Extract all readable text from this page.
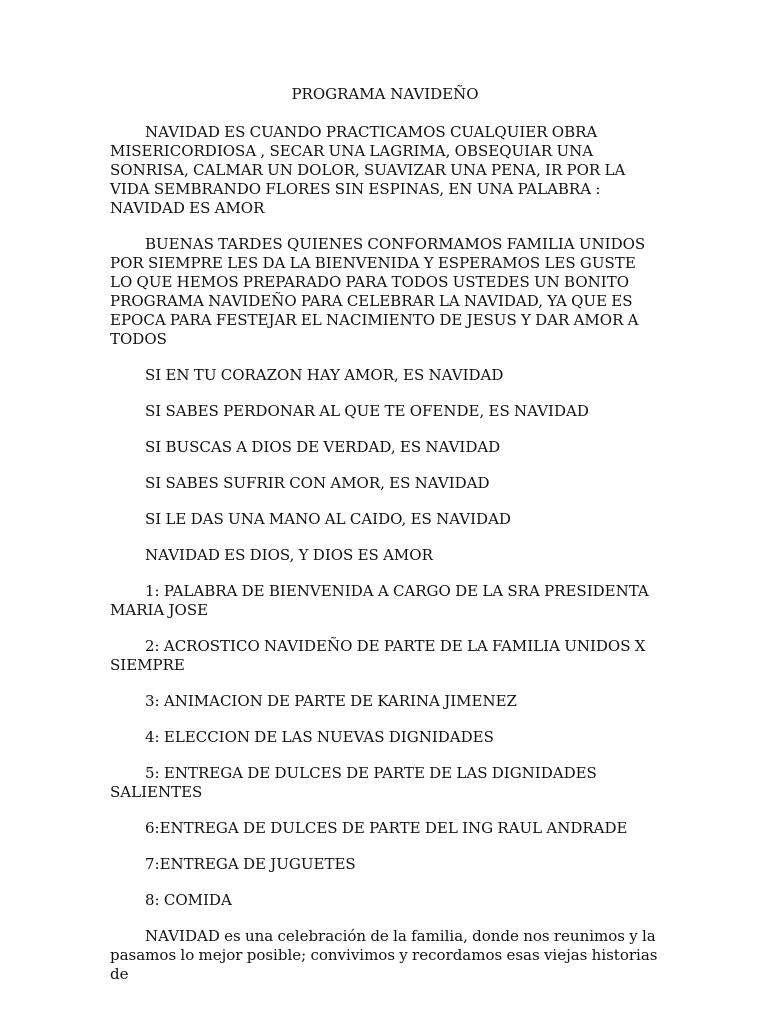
PROGRAMA NAVIDEÑO

NAVIDAD ES CUANDO PRACTICAMOS CUALQUIER OBRA MISERICORDIOSA , SECAR UNA LAGRIMA, OBSEQUIAR UNA SONRISA, CALMAR UN DOLOR, SUAVIZAR UNA PENA, IR POR LA VIDA SEMBRANDO FLORES SIN ESPINAS, EN UNA PALABRA : NAVIDAD ES AMOR

BUENAS TARDES QUIENES CONFORMAMOS FAMILIA UNIDOS POR SIEMPRE LES DA LA BIENVENIDA Y ESPERAMOS LES GUSTE LO QUE HEMOS PREPARADO PARA TODOS USTEDES UN BONITO PROGRAMA NAVIDEÑO PARA CELEBRAR LA NAVIDAD, YA QUE ES EPOCA PARA FESTEJAR EL NACIMIENTO DE JESUS Y DAR AMOR A TODOS

SI EN TU CORAZON HAY AMOR, ES NAVIDAD

SI SABES PERDONAR AL QUE TE OFENDE, ES NAVIDAD

SI BUSCAS A DIOS DE VERDAD, ES NAVIDAD

SI SABES SUFRIR CON AMOR, ES NAVIDAD

SI LE DAS UNA MANO AL CAIDO, ES NAVIDAD

NAVIDAD ES DIOS, Y DIOS ES AMOR

1: PALABRA DE BIENVENIDA A CARGO DE LA SRA PRESIDENTA MARIA JOSE

2: ACROSTICO NAVIDEÑO DE PARTE DE LA FAMILIA UNIDOS X SIEMPRE

3: ANIMACION DE PARTE DE KARINA JIMENEZ

4: ELECCION DE LAS NUEVAS DIGNIDADES

5: ENTREGA DE DULCES DE PARTE DE LAS DIGNIDADES SALIENTES

6:ENTREGA DE DULCES DE PARTE DEL ING RAUL ANDRADE

7:ENTREGA DE JUGUETES

8: COMIDA

NAVIDAD es una celebración de la familia, donde nos reunimos y la pasamos lo mejor posible; convivimos y recordamos esas viejas historias de
